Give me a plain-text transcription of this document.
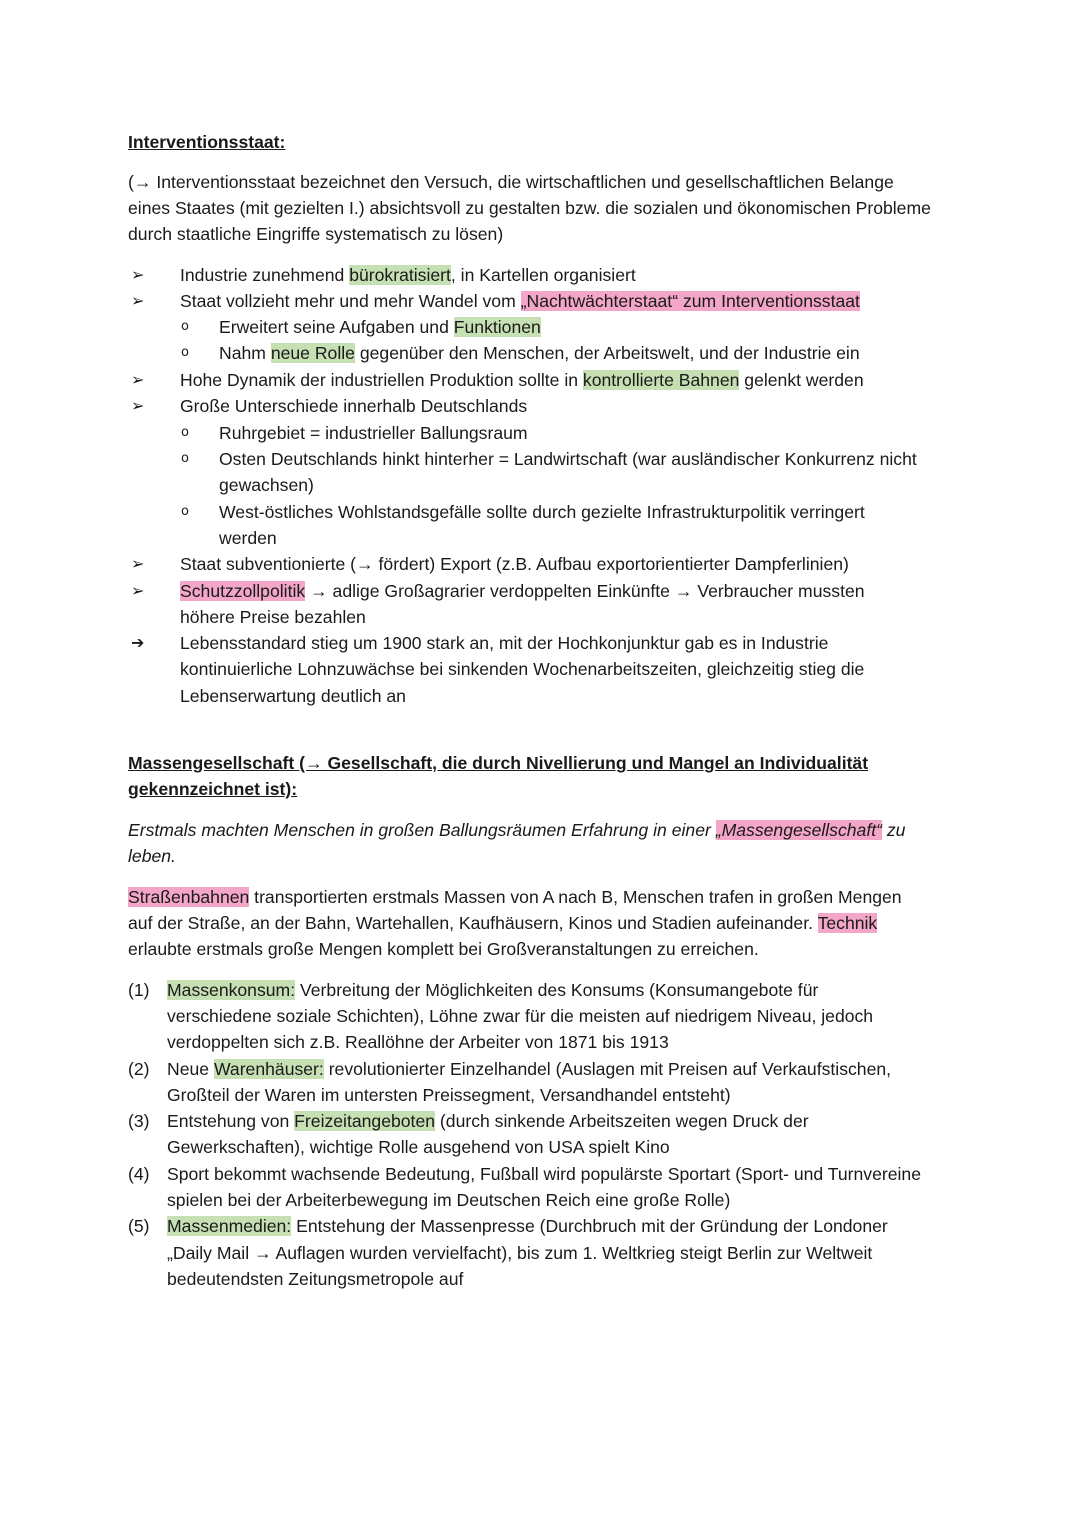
Interventionsstaat:
(→ Interventionsstaat bezeichnet den Versuch, die wirtschaftlichen und gesellschaftlichen Belange
eines Staates (mit gezielten I.) absichtsvoll zu gestalten bzw. die sozialen und ökonomischen Probleme
durch staatliche Eingriffe systematisch zu lösen)
➢ Industrie zunehmend bürokratisiert, in Kartellen organisiert
➢ Staat vollzieht mehr und mehr Wandel vom „Nachtwächterstaat“ zum Interventionsstaat
o Erweitert seine Aufgaben und Funktionen
o Nahm neue Rolle gegenüber den Menschen, der Arbeitswelt, und der Industrie ein
➢ Hohe Dynamik der industriellen Produktion sollte in kontrollierte Bahnen gelenkt werden
➢ Große Unterschiede innerhalb Deutschlands
o Ruhrgebiet = industrieller Ballungsraum
o Osten Deutschlands hinkt hinterher = Landwirtschaft (war ausländischer Konkurrenz nicht
gewachsen)
o West-östliches Wohlstandsgefälle sollte durch gezielte Infrastrukturpolitik verringert
werden
➢ Staat subventionierte (→ fördert) Export (z.B. Aufbau exportorientierter Dampferlinien)
➢ Schutzzollpolitik → adlige Großagrarier verdoppelten Einkünfte → Verbraucher mussten
höhere Preise bezahlen
➔ Lebensstandard stieg um 1900 stark an, mit der Hochkonjunktur gab es in Industrie
kontinuierliche Lohnzuwächse bei sinkenden Wochenarbeitszeiten, gleichzeitig stieg die
Lebenserwartung deutlich an
Massengesellschaft (→ Gesellschaft, die durch Nivellierung und Mangel an Individualität
gekennzeichnet ist):
Erstmals machten Menschen in großen Ballungsräumen Erfahrung in einer „Massengesellschaft“ zu
leben.
Straßenbahnen transportierten erstmals Massen von A nach B, Menschen trafen in großen Mengen
auf der Straße, an der Bahn, Wartehallen, Kaufhäusern, Kinos und Stadien aufeinander. Technik
erlaubte erstmals große Mengen komplett bei Großveranstaltungen zu erreichen.
(1) Massenkonsum: Verbreitung der Möglichkeiten des Konsums (Konsumangebote für
verschiedene soziale Schichten), Löhne zwar für die meisten auf niedrigem Niveau, jedoch
verdoppelten sich z.B. Reallöhne der Arbeiter von 1871 bis 1913
(2) Neue Warenhäuser: revolutionierter Einzelhandel (Auslagen mit Preisen auf Verkaufstischen,
Großteil der Waren im untersten Preissegment, Versandhandel entsteht)
(3) Entstehung von Freizeitangeboten (durch sinkende Arbeitszeiten wegen Druck der
Gewerkschaften), wichtige Rolle ausgehend von USA spielt Kino
(4) Sport bekommt wachsende Bedeutung, Fußball wird populärste Sportart (Sport- und Turnvereine
spielen bei der Arbeiterbewegung im Deutschen Reich eine große Rolle)
(5) Massenmedien: Entstehung der Massenpresse (Durchbruch mit der Gründung der Londoner
„Daily Mail → Auflagen wurden vervielfacht), bis zum 1. Weltkrieg steigt Berlin zur Weltweit
bedeutendsten Zeitungsmetropole auf
